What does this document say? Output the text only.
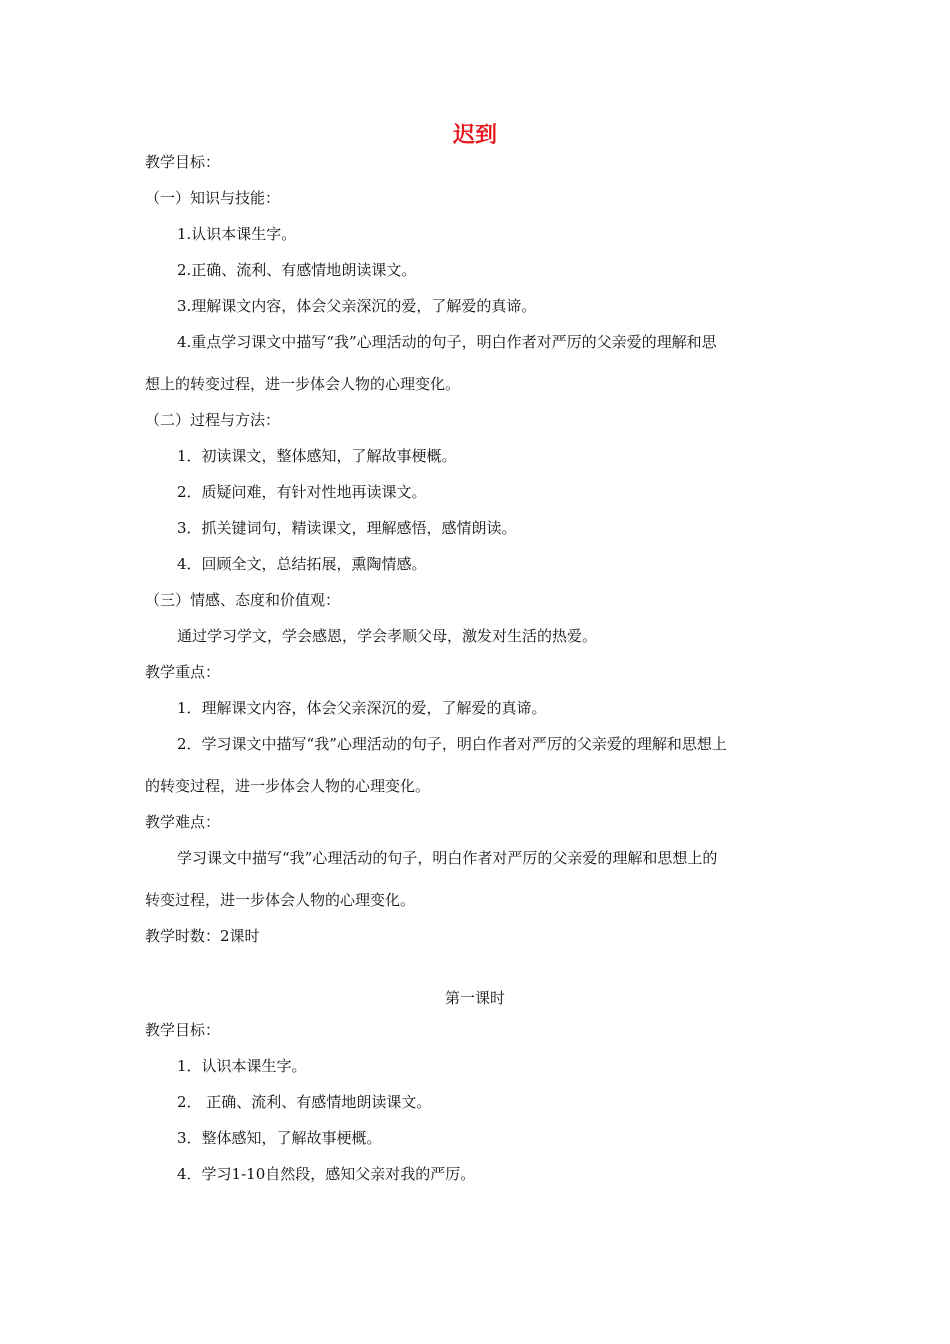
迟到
教学目标：
（一）知识与技能：
1.认识本课生字。
2.正确、流利、有感情地朗读课文。
3.理解课文内容，体会父亲深沉的爱，了解爱的真谛。
4.重点学习课文中描写“我”心理活动的句子，明白作者对严厉的父亲爱的理解和思
想上的转变过程，进一步体会人物的心理变化。
（二）过程与方法：
1．初读课文，整体感知，了解故事梗概。
2．质疑问难，有针对性地再读课文。
3．抓关键词句，精读课文，理解感悟，感情朗读。
4．回顾全文，总结拓展，熏陶情感。
（三）情感、态度和价值观：
通过学习学文，学会感恩，学会孝顺父母，激发对生活的热爱。
教学重点：
1．理解课文内容，体会父亲深沉的爱，了解爱的真谛。
2．学习课文中描写“我”心理活动的句子，明白作者对严厉的父亲爱的理解和思想上
的转变过程，进一步体会人物的心理变化。
教学难点：
学习课文中描写“我”心理活动的句子，明白作者对严厉的父亲爱的理解和思想上的
转变过程，进一步体会人物的心理变化。
教学时数：2课时
第一课时
教学目标：
1．认识本课生字。
2． 正确、流利、有感情地朗读课文。
3．整体感知，了解故事梗概。
4．学习1-10自然段，感知父亲对我的严厉。
